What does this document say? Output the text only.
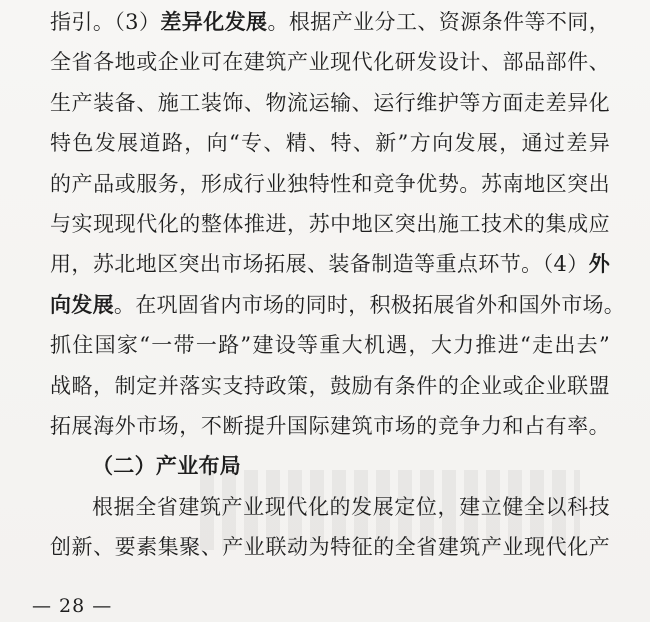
指引。（3）差异化发展。根据产业分工、资源条件等不同，
全省各地或企业可在建筑产业现代化研发设计、部品部件、
生产装备、施工装饰、物流运输、运行维护等方面走差异化
特色发展道路，向“专、精、特、新”方向发展，通过差异
的产品或服务，形成行业独特性和竞争优势。苏南地区突出
与实现现代化的整体推进，苏中地区突出施工技术的集成应
用，苏北地区突出市场拓展、装备制造等重点环节。（4）外
向发展。在巩固省内市场的同时，积极拓展省外和国外市场。
抓住国家“一带一路”建设等重大机遇，大力推进“走出去”
战略，制定并落实支持政策，鼓励有条件的企业或企业联盟
拓展海外市场，不断提升国际建筑市场的竞争力和占有率。
（二）产业布局
根据全省建筑产业现代化的发展定位，建立健全以科技
创新、要素集聚、产业联动为特征的全省建筑产业现代化产
— 28 —
